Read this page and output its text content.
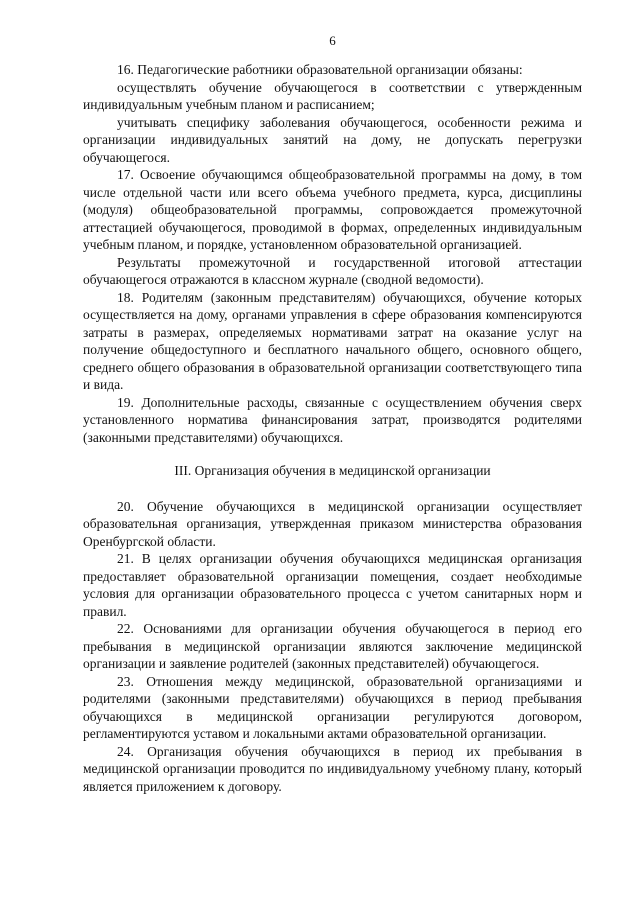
6

16. Педагогические работники образовательной организации обязаны:

осуществлять обучение обучающегося в соответствии с утвержденным индивидуальным учебным планом и расписанием;

учитывать специфику заболевания обучающегося, особенности режима и организации индивидуальных занятий на дому, не допускать перегрузки обучающегося.

17. Освоение обучающимся общеобразовательной программы на дому, в том числе отдельной части или всего объема учебного предмета, курса, дисциплины (модуля) общеобразовательной программы, сопровождается промежуточной аттестацией обучающегося, проводимой в формах, определенных индивидуальным учебным планом, и порядке, установленном образовательной организацией.

Результаты промежуточной и государственной итоговой аттестации обучающегося отражаются в классном журнале (сводной ведомости).

18. Родителям (законным представителям) обучающихся, обучение которых осуществляется на дому, органами управления в сфере образования компенсируются затраты в размерах, определяемых нормативами затрат на оказание услуг на получение общедоступного и бесплатного начального общего, основного общего, среднего общего образования в образовательной организации соответствующего типа и вида.

19. Дополнительные расходы, связанные с осуществлением обучения сверх установленного норматива финансирования затрат, производятся родителями (законными представителями) обучающихся.

III. Организация обучения в медицинской организации

20. Обучение обучающихся в медицинской организации осуществляет образовательная организация, утвержденная приказом министерства образования Оренбургской области.

21. В целях организации обучения обучающихся медицинская организация предоставляет образовательной организации помещения, создает необходимые условия для организации образовательного процесса с учетом санитарных норм и правил.

22. Основаниями для организации обучения обучающегося в период его пребывания в медицинской организации являются заключение медицинской организации и заявление родителей (законных представителей) обучающегося.

23. Отношения между медицинской, образовательной организациями и родителями (законными представителями) обучающихся в период пребывания обучающихся в медицинской организации регулируются договором, регламентируются уставом и локальными актами образовательной организации.

24. Организация обучения обучающихся в период их пребывания в медицинской организации проводится по индивидуальному учебному плану, который является приложением к договору.
